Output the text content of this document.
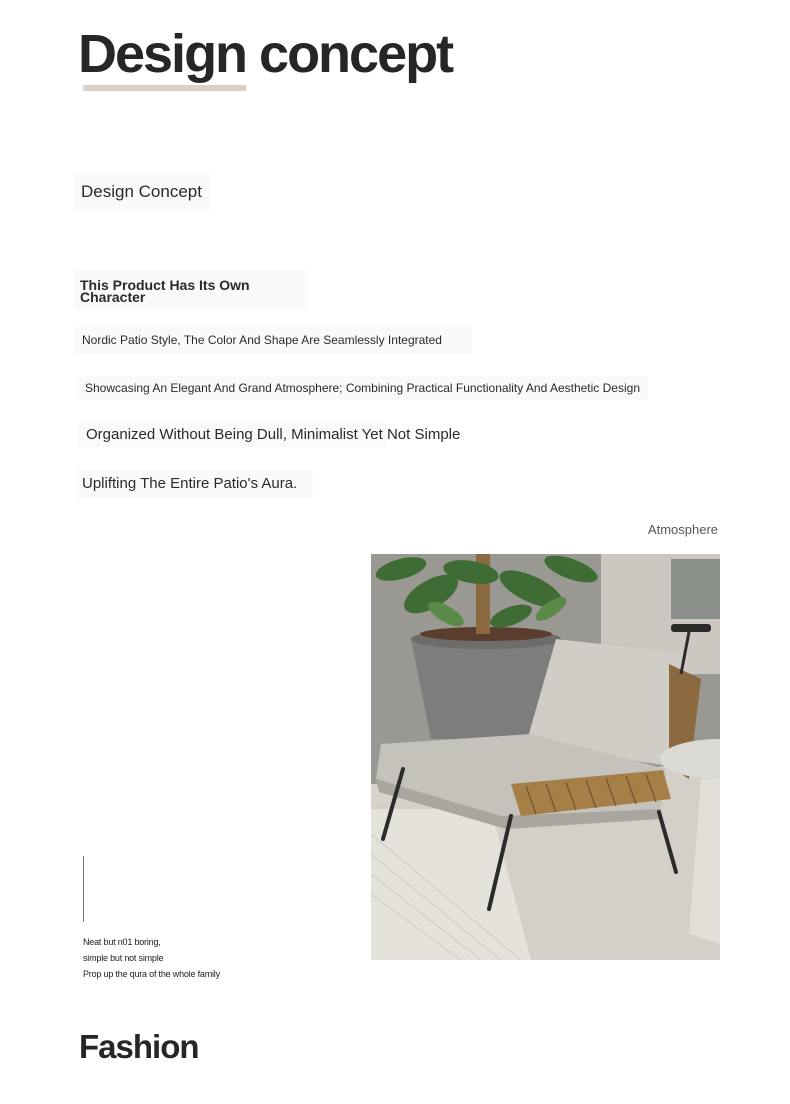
Design concept
Design Concept
This Product Has Its Own Character
Nordic Patio Style, The Color And Shape Are Seamlessly Integrated
Showcasing An Elegant And Grand Atmosphere; Combining Practical Functionality And Aesthetic Design
Organized Without Being Dull, Minimalist Yet Not Simple
Uplifting The Entire Patio's Aura.
Atmosphere
Neat but n01 boring,
simple but not simple
Prop up the qura of the whole family
Fashion
